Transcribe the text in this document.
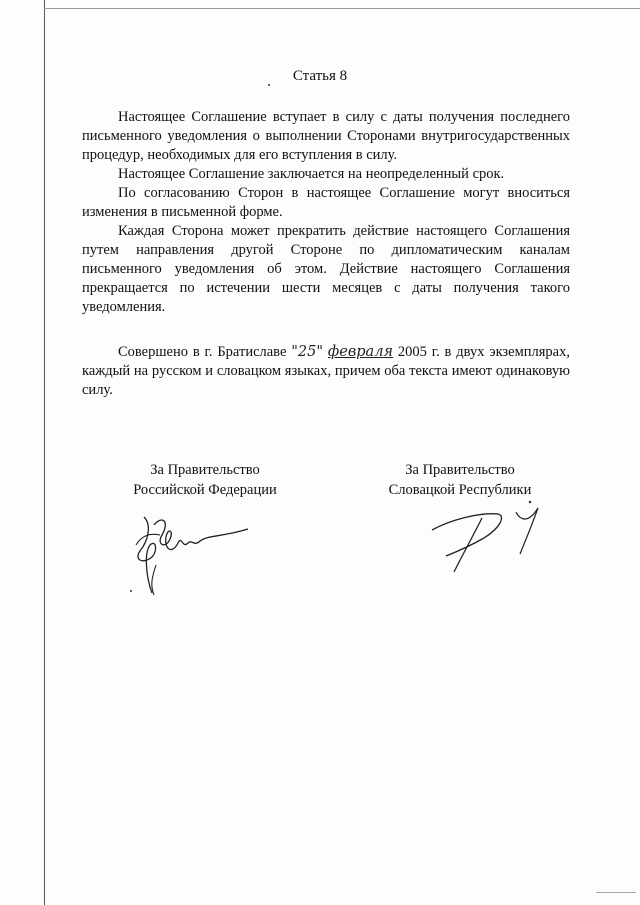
Статья 8

Настоящее Соглашение вступает в силу с даты получения последнего письменного уведомления о выполнении Сторонами внутригосударственных процедур, необходимых для его вступления в силу.

Настоящее Соглашение заключается на неопределенный срок.

По согласованию Сторон в настоящее Соглашение могут вноситься изменения в письменной форме.

Каждая Сторона может прекратить действие настоящего Соглашения путем направления другой Стороне по дипломатическим каналам письменного уведомления об этом. Действие настоящего Соглашения прекращается по истечении шести месяцев с даты получения такого уведомления.

Совершено в г. Братиславе "25" февраля 2005 г. в двух экземплярах, каждый на русском и словацком языках, причем оба текста имеют одинаковую силу.

За Правительство
Российской Федерации
За Правительство
Словацкой Республики
